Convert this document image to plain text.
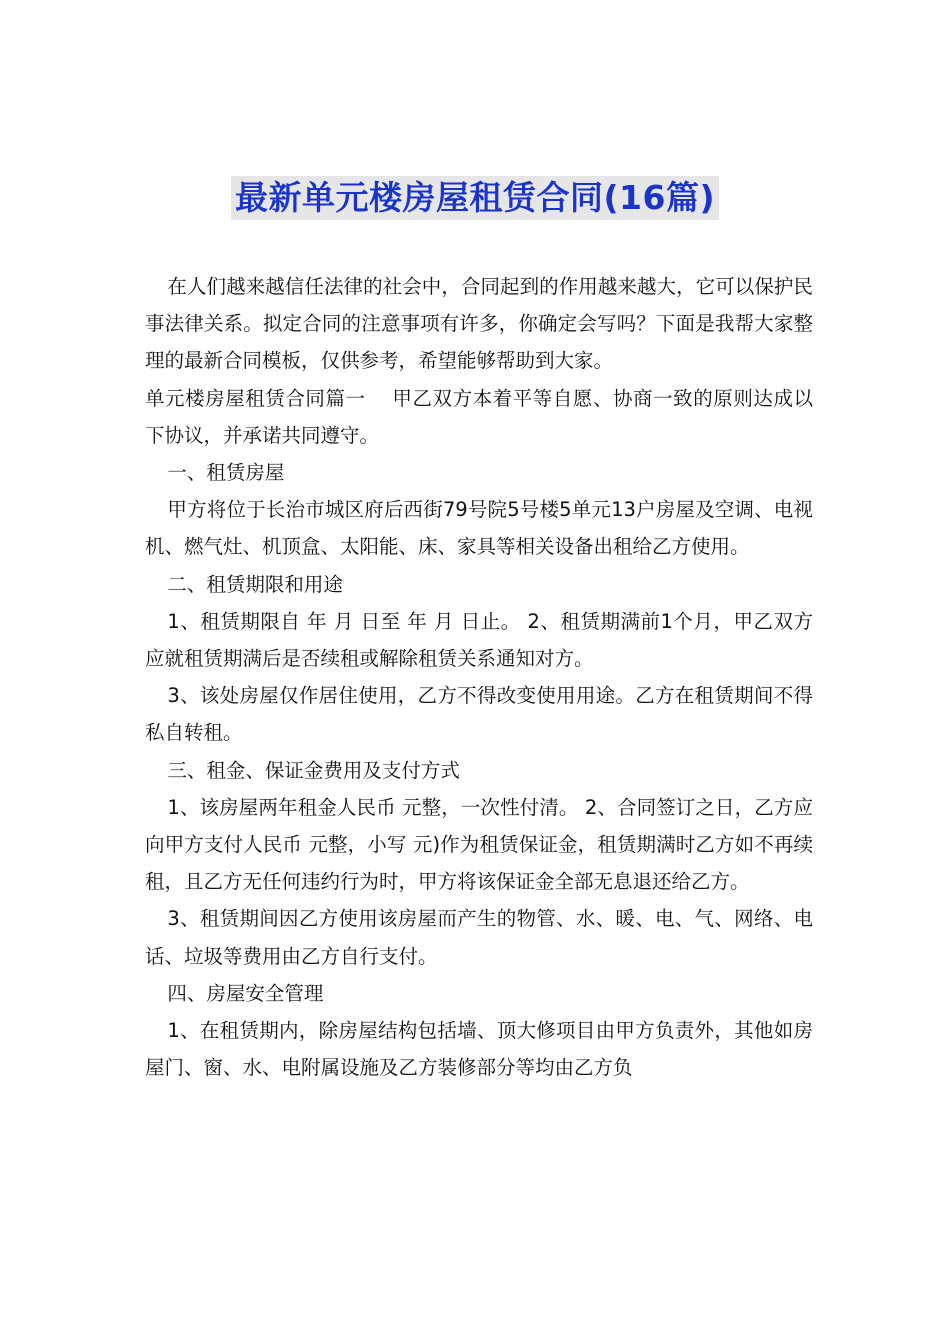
最新单元楼房屋租赁合同(16篇)

在人们越来越信任法律的社会中，合同起到的作用越来越大，它可以保护民事法律关系。拟定合同的注意事项有许多，你确定会写吗？下面是我帮大家整理的最新合同模板，仅供参考，希望能够帮助到大家。

单元楼房屋租赁合同篇一　 甲乙双方本着平等自愿、协商一致的原则达成以下协议，并承诺共同遵守。

一、租赁房屋

甲方将位于长治市城区府后西街79号院5号楼5单元13户房屋及空调、电视机、燃气灶、机顶盒、太阳能、床、家具等相关设备出租给乙方使用。

二、租赁期限和用途

1、租赁期限自 年 月 日至 年 月 日止。 2、租赁期满前1个月，甲乙双方应就租赁期满后是否续租或解除租赁关系通知对方。

3、该处房屋仅作居住使用，乙方不得改变使用用途。乙方在租赁期间不得私自转租。

三、租金、保证金费用及支付方式

1、该房屋两年租金人民币 元整，一次性付清。 2、合同签订之日，乙方应向甲方支付人民币 元整，小写 元)作为租赁保证金，租赁期满时乙方如不再续租，且乙方无任何违约行为时，甲方将该保证金全部无息退还给乙方。

3、租赁期间因乙方使用该房屋而产生的物管、水、暖、电、气、网络、电话、垃圾等费用由乙方自行支付。

四、房屋安全管理

1、在租赁期内，除房屋结构包括墙、顶大修项目由甲方负责外，其他如房屋门、窗、水、电附属设施及乙方装修部分等均由乙方负
